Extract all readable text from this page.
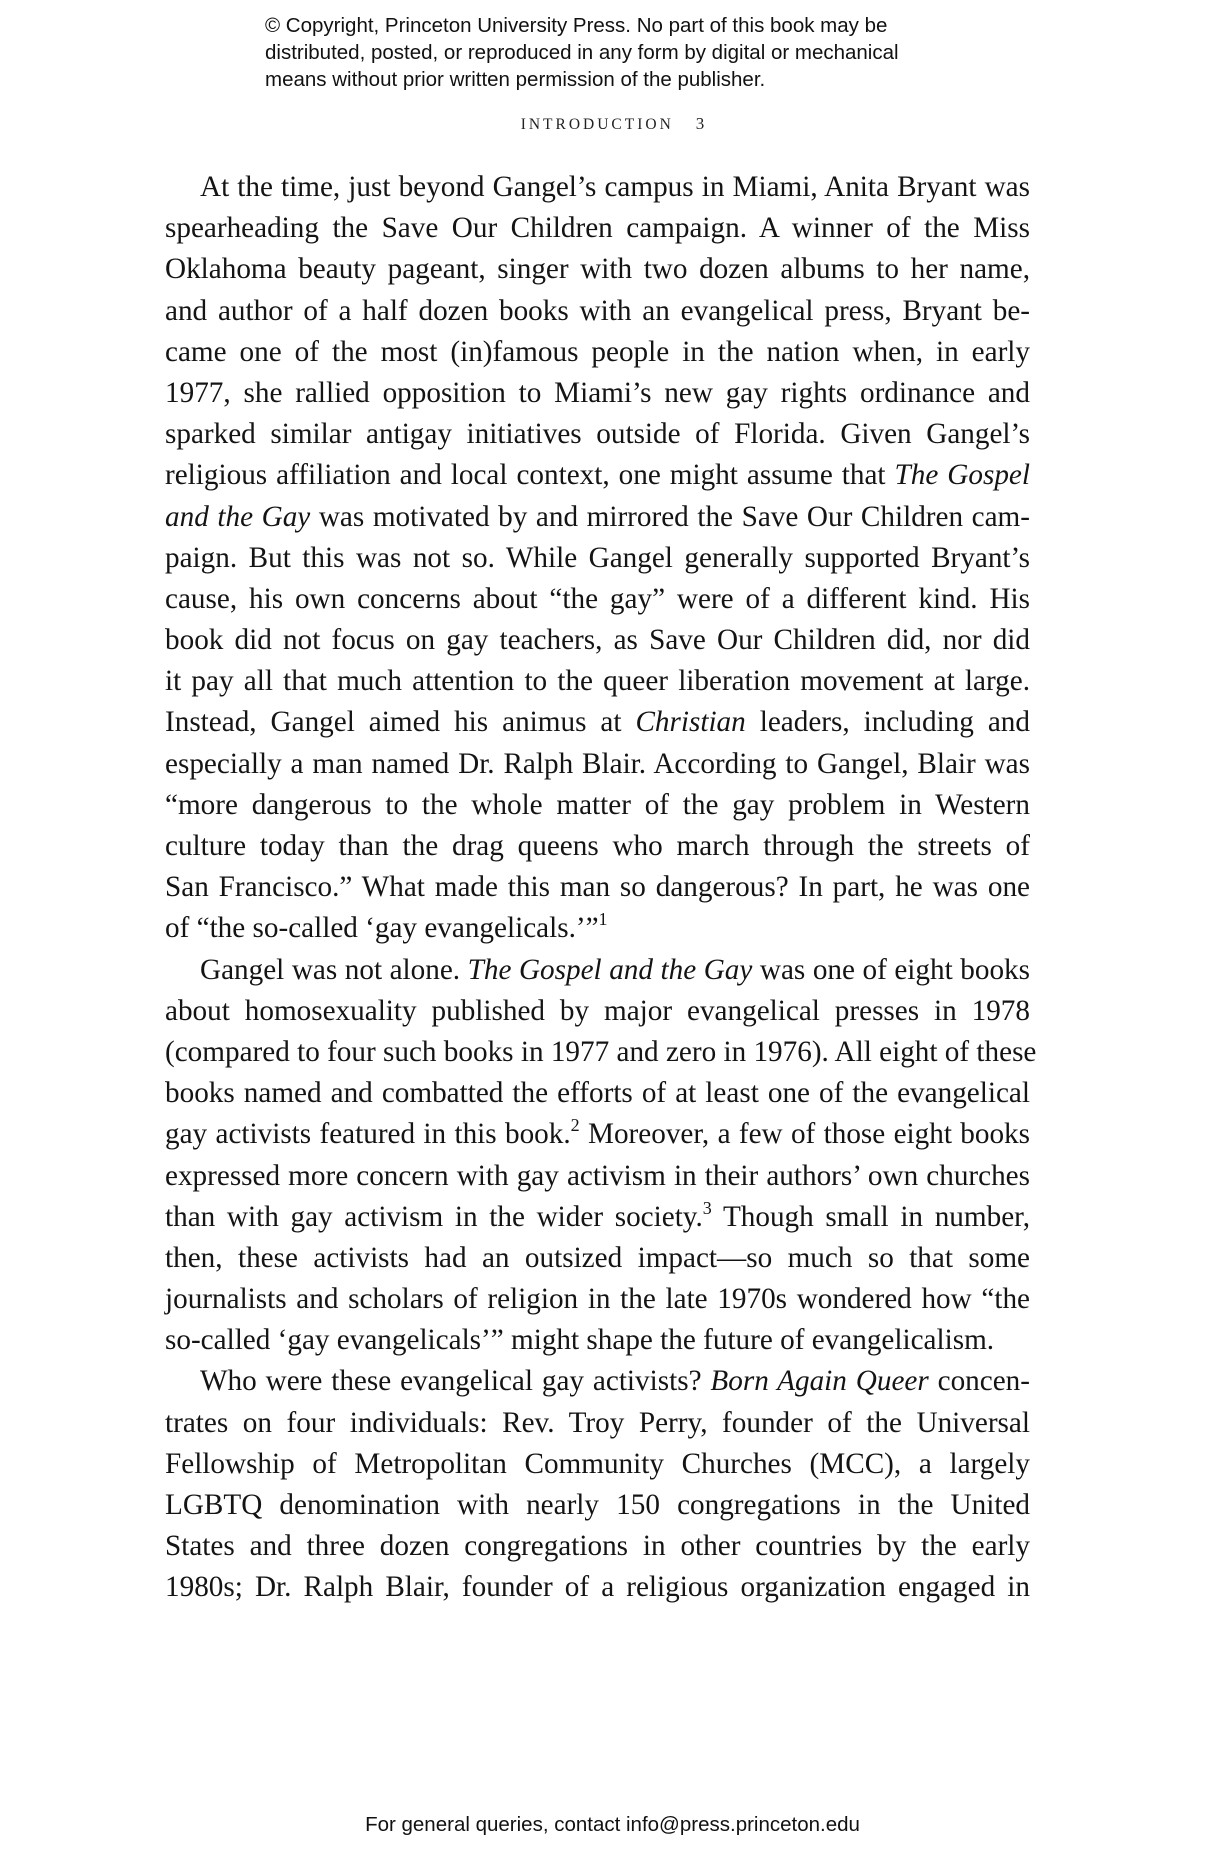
© Copyright, Princeton University Press. No part of this book may be
distributed, posted, or reproduced in any form by digital or mechanical
means without prior written permission of the publisher.
INTRODUCTION 3
At the time, just beyond Gangel’s campus in Miami, Anita Bryant was
spearheading the Save Our Children campaign. A winner of the Miss
Oklahoma beauty pageant, singer with two dozen albums to her name,
and author of a half dozen books with an evangelical press, Bryant be-
came one of the most (in)famous people in the nation when, in early
1977, she rallied opposition to Miami’s new gay rights ordinance and
sparked similar antigay initiatives outside of Florida. Given Gangel’s
religious affiliation and local context, one might assume that The Gospel
and the Gay was motivated by and mirrored the Save Our Children cam-
paign. But this was not so. While Gangel generally supported Bryant’s
cause, his own concerns about “the gay” were of a different kind. His
book did not focus on gay teachers, as Save Our Children did, nor did
it pay all that much attention to the queer liberation movement at large.
Instead, Gangel aimed his animus at Christian leaders, including and
especially a man named Dr. Ralph Blair. According to Gangel, Blair was
“more dangerous to the whole matter of the gay problem in Western
culture today than the drag queens who march through the streets of
San Francisco.” What made this man so dangerous? In part, he was one
of “the so-called ‘gay evangelicals.’”$^1$
Gangel was not alone. The Gospel and the Gay was one of eight books
about homosexuality published by major evangelical presses in 1978
(compared to four such books in 1977 and zero in 1976). All eight of these
books named and combatted the efforts of at least one of the evangelical
gay activists featured in this book.$^2$ Moreover, a few of those eight books
expressed more concern with gay activism in their authors’ own churches
than with gay activism in the wider society.$^3$ Though small in number,
then, these activists had an outsized impact—so much so that some
journalists and scholars of religion in the late 1970s wondered how “the
so-called ‘gay evangelicals’” might shape the future of evangelicalism.
Who were these evangelical gay activists? Born Again Queer concen-
trates on four individuals: Rev. Troy Perry, founder of the Universal
Fellowship of Metropolitan Community Churches (MCC), a largely
LGBTQ denomination with nearly 150 congregations in the United
States and three dozen congregations in other countries by the early
1980s; Dr. Ralph Blair, founder of a religious organization engaged in
For general queries, contact info@press.princeton.edu
